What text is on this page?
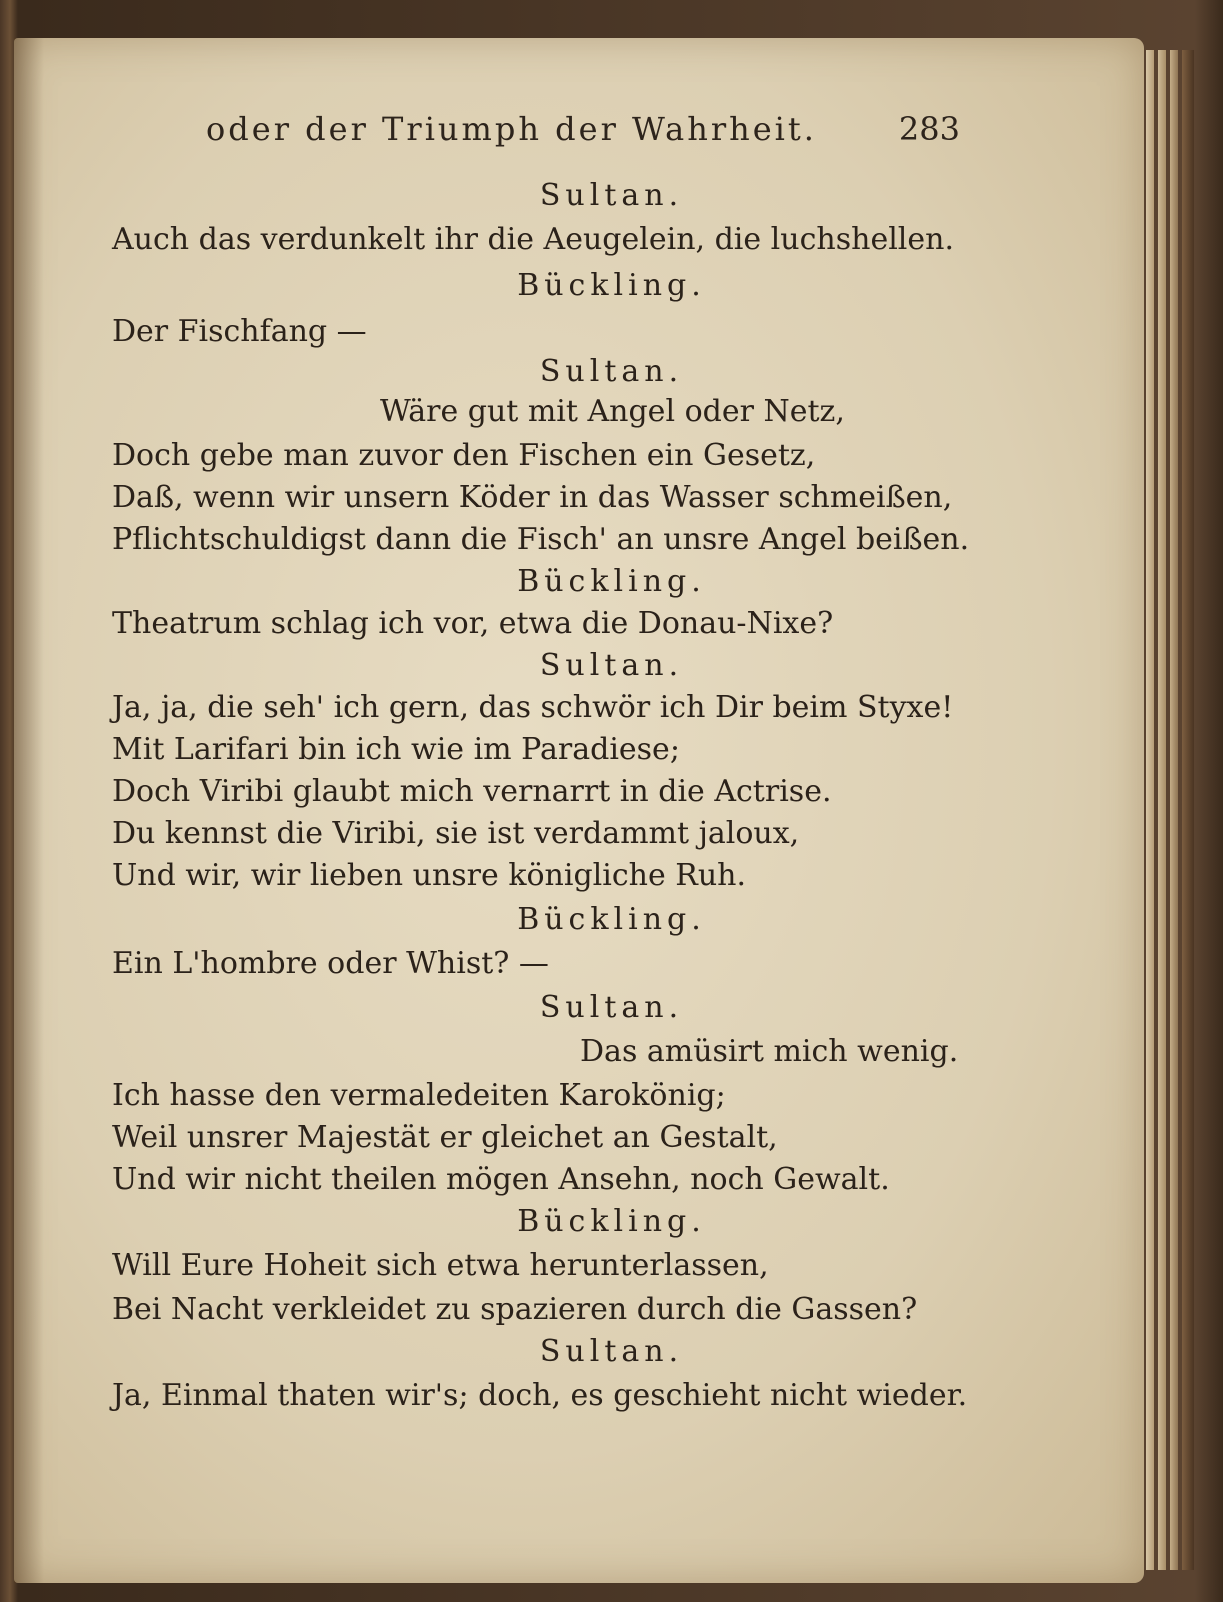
oder der Triumph der Wahrheit.	283
Sultan.
Auch das verdunkelt ihr die Aeugelein, die luchshellen.
Bückling.
Der Fischfang —
Sultan.
Wäre gut mit Angel oder Netz,
Doch gebe man zuvor den Fischen ein Gesetz,
Daß, wenn wir unsern Köder in das Wasser schmeißen,
Pflichtschuldigst dann die Fisch' an unsre Angel beißen.
Bückling.
Theatrum schlag ich vor, etwa die Donau-Nixe?
Sultan.
Ja, ja, die seh' ich gern, das schwör ich Dir beim Styxe!
Mit Larifari bin ich wie im Paradiese;
Doch Viribi glaubt mich vernarrt in die Actrise.
Du kennst die Viribi, sie ist verdammt jaloux,
Und wir, wir lieben unsre königliche Ruh.
Bückling.
Ein L'hombre oder Whist? —
Sultan.
Das amüsirt mich wenig.
Ich hasse den vermaledeiten Karokönig;
Weil unsrer Majestät er gleichet an Gestalt,
Und wir nicht theilen mögen Ansehn, noch Gewalt.
Bückling.
Will Eure Hoheit sich etwa herunterlassen,
Bei Nacht verkleidet zu spazieren durch die Gassen?
Sultan.
Ja, Einmal thaten wir's; doch, es geschieht nicht wieder.
